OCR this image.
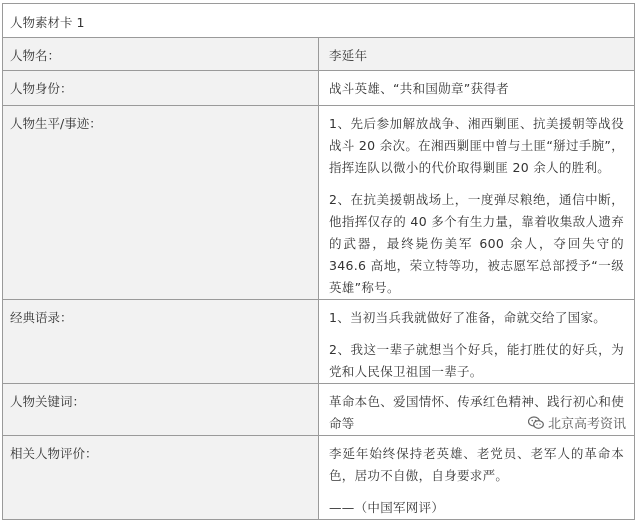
人物素材卡 1	
人物名：	李延年

人物身份：	战斗英雄、“共和国勋章”获得者

人物生平/事迹：	1、先后参加解放战争、湘西剿匪、抗美援朝等战役战斗 20 余次。在湘西剿匪中曾与土匪“掰过手腕”，指挥连队以微小的代价取得剿匪 20 余人的胜利。
2、在抗美援朝战场上，一度弹尽粮绝，通信中断，他指挥仅存的 40 多个有生力量，靠着收集敌人遗弃的武器，最终毙伤美军 600 余人，夺回失守的 346.6 高地，荣立特等功，被志愿军总部授予“一级英雄”称号。

经典语录：	1、当初当兵我就做好了准备，命就交给了国家。
2、我这一辈子就想当个好兵，能打胜仗的好兵，为党和人民保卫祖国一辈子。

人物关键词：	革命本色、爱国情怀、传承红色精神、践行初心和使命等

相关人物评价：	李延年始终保持老英雄、老党员、老军人的革命本色，居功不自傲，自身要求严。
——（中国军网评）
北京高考资讯
